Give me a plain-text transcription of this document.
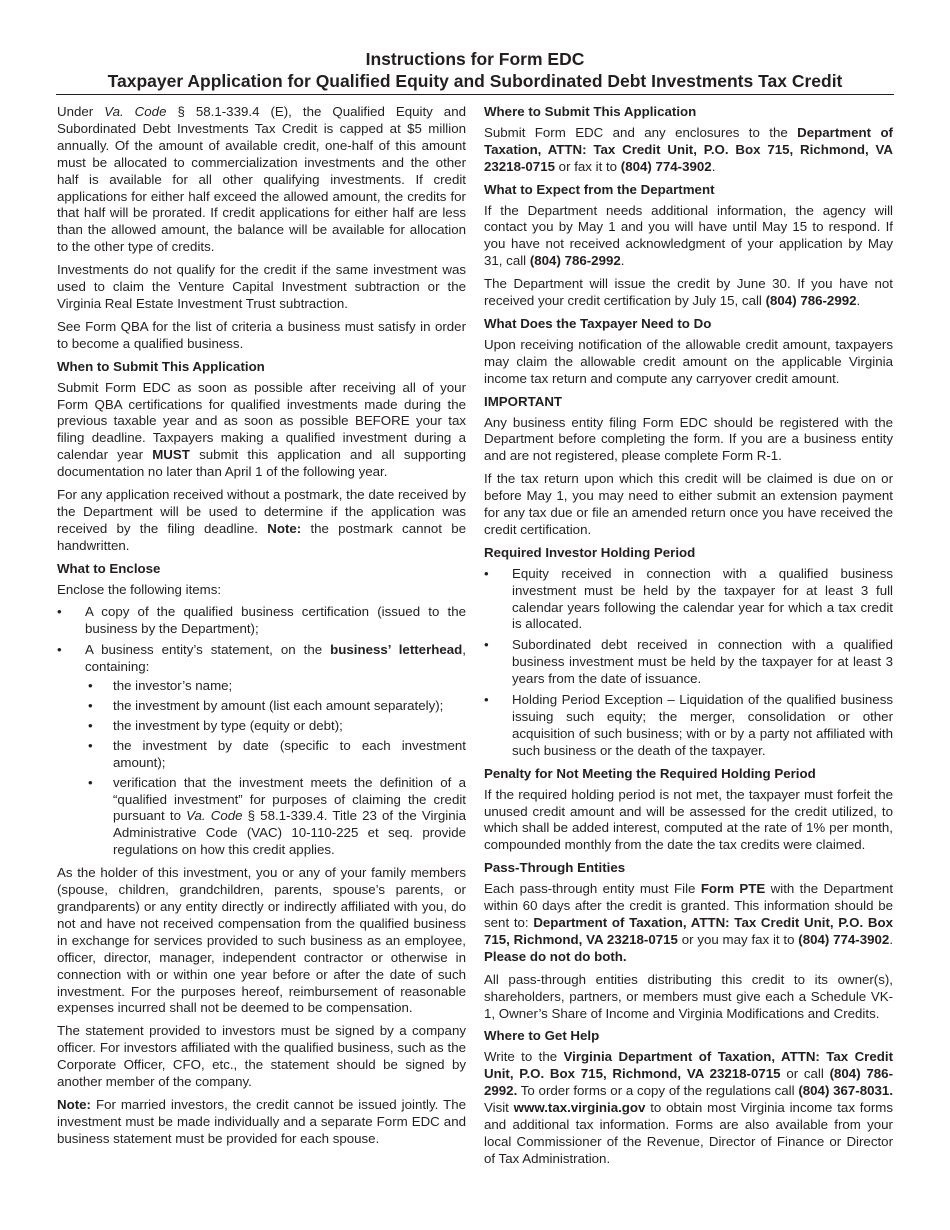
Instructions for Form EDC
Taxpayer Application for Qualified Equity and Subordinated Debt Investments Tax Credit

Under Va. Code § 58.1-339.4 (E), the Qualified Equity and Subordinated Debt Investments Tax Credit is capped at $5 million annually. Of the amount of available credit, one-half of this amount must be allocated to commercialization investments and the other half is available for all other qualifying investments. If credit applications for either half exceed the allowed amount, the credits for that half will be prorated. If credit applications for either half are less than the allowed amount, the balance will be available for allocation to the other type of credits.

Investments do not qualify for the credit if the same investment was used to claim the Venture Capital Investment subtraction or the Virginia Real Estate Investment Trust subtraction.

See Form QBA for the list of criteria a business must satisfy in order to become a qualified business.

When to Submit This Application

Submit Form EDC as soon as possible after receiving all of your Form QBA certifications for qualified investments made during the previous taxable year and as soon as possible BEFORE your tax filing deadline. Taxpayers making a qualified investment during a calendar year MUST submit this application and all supporting documentation no later than April 1 of the following year.

For any application received without a postmark, the date received by the Department will be used to determine if the application was received by the filing deadline. Note: the postmark cannot be handwritten.

What to Enclose

Enclose the following items:

• A copy of the qualified business certification (issued to the business by the Department);
• A business entity’s statement, on the business’ letterhead, containing:
• the investor’s name;
• the investment by amount (list each amount separately);
• the investment by type (equity or debt);
• the investment by date (specific to each investment amount);
• verification that the investment meets the definition of a “qualified investment” for purposes of claiming the credit pursuant to Va. Code § 58.1-339.4. Title 23 of the Virginia Administrative Code (VAC) 10-110-225 et seq. provide regulations on how this credit applies.

As the holder of this investment, you or any of your family members (spouse, children, grandchildren, parents, spouse’s parents, or grandparents) or any entity directly or indirectly affiliated with you, do not and have not received compensation from the qualified business in exchange for services provided to such business as an employee, officer, director, manager, independent contractor or otherwise in connection with or within one year before or after the date of such investment. For the purposes hereof, reimbursement of reasonable expenses incurred shall not be deemed to be compensation.

The statement provided to investors must be signed by a company officer. For investors affiliated with the qualified business, such as the Corporate Officer, CFO, etc., the statement should be signed by another member of the company.

Note: For married investors, the credit cannot be issued jointly. The investment must be made individually and a separate Form EDC and business statement must be provided for each spouse.

Where to Submit This Application

Submit Form EDC and any enclosures to the Department of Taxation, ATTN: Tax Credit Unit, P.O. Box 715, Richmond, VA 23218-0715 or fax it to (804) 774-3902.

What to Expect from the Department

If the Department needs additional information, the agency will contact you by May 1 and you will have until May 15 to respond. If you have not received acknowledgment of your application by May 31, call (804) 786-2992.

The Department will issue the credit by June 30. If you have not received your credit certification by July 15, call (804) 786-2992.

What Does the Taxpayer Need to Do

Upon receiving notification of the allowable credit amount, taxpayers may claim the allowable credit amount on the applicable Virginia income tax return and compute any carryover credit amount.

IMPORTANT

Any business entity filing Form EDC should be registered with the Department before completing the form. If you are a business entity and are not registered, please complete Form R-1.

If the tax return upon which this credit will be claimed is due on or before May 1, you may need to either submit an extension payment for any tax due or file an amended return once you have received the credit certification.

Required Investor Holding Period
• Equity received in connection with a qualified business investment must be held by the taxpayer for at least 3 full calendar years following the calendar year for which a tax credit is allocated.
• Subordinated debt received in connection with a qualified business investment must be held by the taxpayer for at least 3 years from the date of issuance.
• Holding Period Exception – Liquidation of the qualified business issuing such equity; the merger, consolidation or other acquisition of such business; with or by a party not affiliated with such business or the death of the taxpayer.
Penalty for Not Meeting the Required Holding Period

If the required holding period is not met, the taxpayer must forfeit the unused credit amount and will be assessed for the credit utilized, to which shall be added interest, computed at the rate of 1% per month, compounded monthly from the date the tax credits were claimed.

Pass-Through Entities

Each pass-through entity must File Form PTE with the Department within 60 days after the credit is granted. This information should be sent to: Department of Taxation, ATTN: Tax Credit Unit, P.O. Box 715, Richmond, VA 23218-0715 or you may fax it to (804) 774-3902. Please do not do both.

All pass-through entities distributing this credit to its owner(s), shareholders, partners, or members must give each a Schedule VK-1, Owner’s Share of Income and Virginia Modifications and Credits.

Where to Get Help

Write to the Virginia Department of Taxation, ATTN: Tax Credit Unit, P.O. Box 715, Richmond, VA 23218-0715 or call (804) 786-2992. To order forms or a copy of the regulations call (804) 367-8031. Visit www.tax.virginia.gov to obtain most Virginia income tax forms and additional tax information. Forms are also available from your local Commissioner of the Revenue, Director of Finance or Director of Tax Administration.
